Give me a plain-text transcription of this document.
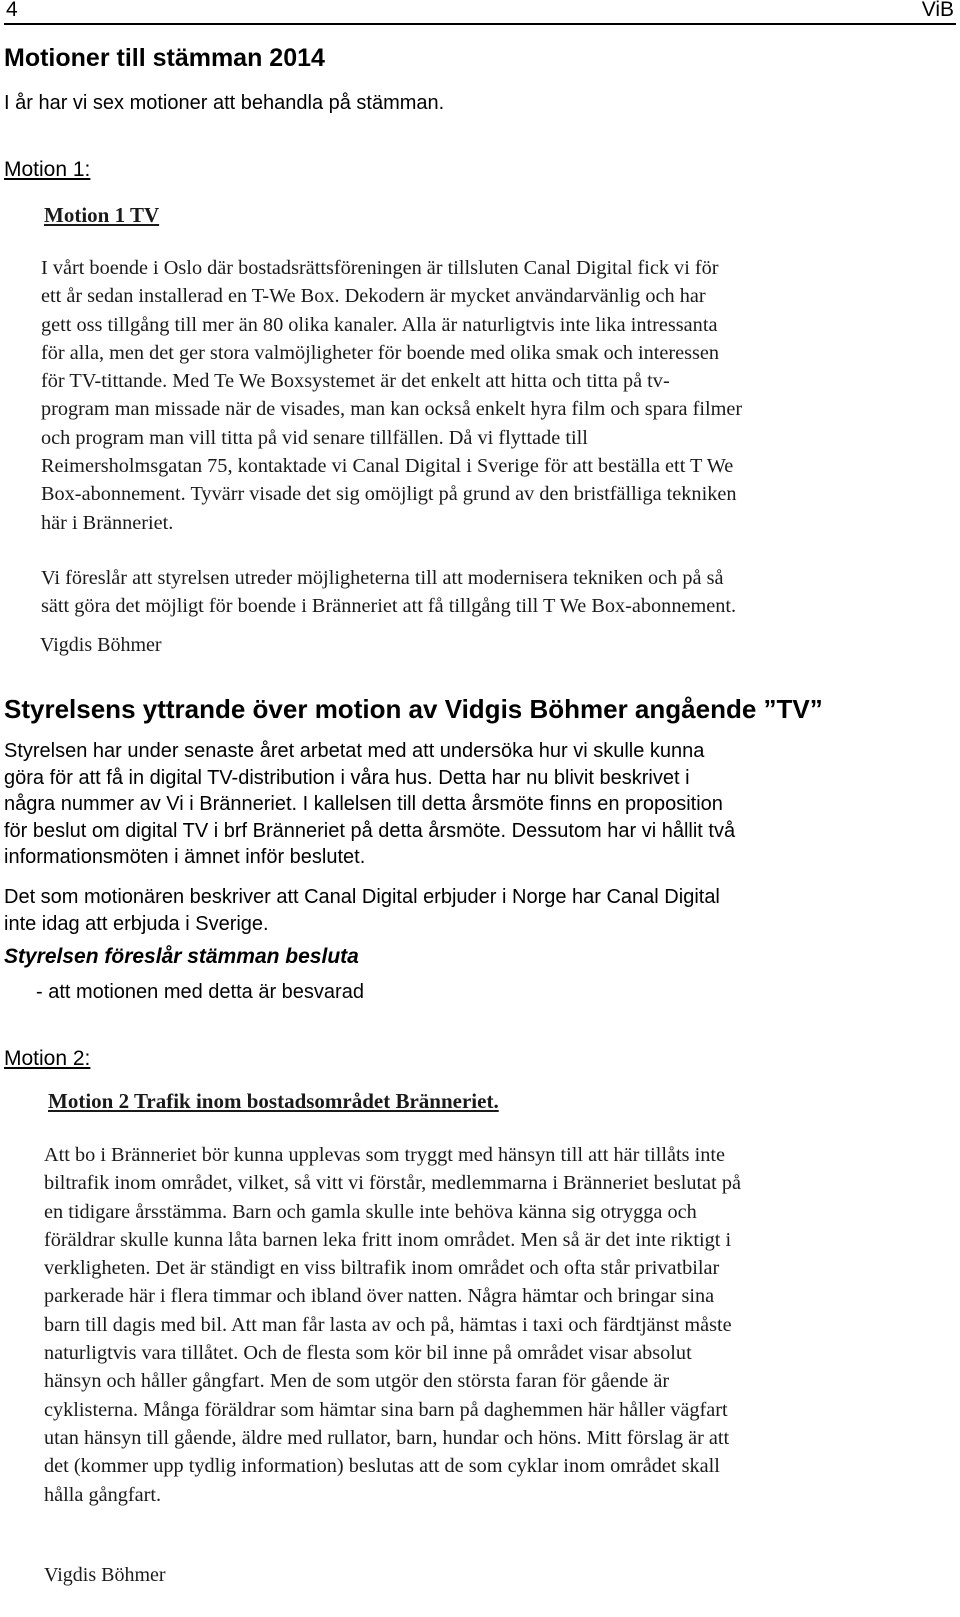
4	ViB
Motioner till stämman 2014

I år har vi sex motioner att behandla på stämman.

Motion 1:

Motion 1 TV
I vårt boende i Oslo där bostadsrättsföreningen är tillsluten Canal Digital fick vi för
ett år sedan installerad en T-We Box. Dekodern är mycket användarvänlig och har
gett oss tillgång till mer än 80 olika kanaler. Alla är naturligtvis inte lika intressanta
för alla, men det ger stora valmöjligheter för boende med olika smak och interessen
för TV-tittande. Med Te We Boxsystemet är det enkelt att hitta och titta på tv-
program man missade när de visades, man kan också enkelt hyra film och spara filmer
och program man vill titta på vid senare tillfällen. Då vi flyttade till
Reimersholmsgatan 75, kontaktade vi Canal Digital i Sverige för att beställa ett T We
Box-abonnement. Tyvärr visade det sig omöjligt på grund av den bristfälliga tekniken
här i Bränneriet.
Vi föreslår att styrelsen utreder möjligheterna till att modernisera tekniken och på så
sätt göra det möjligt för boende i Bränneriet att få tillgång till T We Box-abonnement.
Vigdis Böhmer
Styrelsens yttrande över motion av Vidgis Böhmer angående ”TV”
Styrelsen har under senaste året arbetat med att undersöka hur vi skulle kunna
göra för att få in digital TV-distribution i våra hus. Detta har nu blivit beskrivet i
några nummer av Vi i Bränneriet. I kallelsen till detta årsmöte finns en proposition
för beslut om digital TV i brf Bränneriet på detta årsmöte. Dessutom har vi hållit två
informationsmöten i ämnet inför beslutet.
Det som motionären beskriver att Canal Digital erbjuder i Norge har Canal Digital
inte idag att erbjuda i Sverige.

Styrelsen föreslår stämman besluta

- att motionen med detta är besvarad

Motion 2:

Motion 2 Trafik inom bostadsområdet Bränneriet.
Att bo i Bränneriet bör kunna upplevas som tryggt med hänsyn till att här tillåts inte
biltrafik inom området, vilket, så vitt vi förstår, medlemmarna i Bränneriet beslutat på
en tidigare årsstämma. Barn och gamla skulle inte behöva känna sig otrygga och
föräldrar skulle kunna låta barnen leka fritt inom området. Men så är det inte riktigt i
verkligheten. Det är ständigt en viss biltrafik inom området och ofta står privatbilar
parkerade här i flera timmar och ibland över natten. Några hämtar och bringar sina
barn till dagis med bil. Att man får lasta av och på, hämtas i taxi och färdtjänst måste
naturligtvis vara tillåtet. Och de flesta som kör bil inne på området visar absolut
hänsyn och håller gångfart. Men de som utgör den största faran för gående är
cyklisterna. Många föräldrar som hämtar sina barn på daghemmen här håller vägfart
utan hänsyn till gående, äldre med rullator, barn, hundar och höns. Mitt förslag är att
det (kommer upp tydlig information) beslutas att de som cyklar inom området skall
hålla gångfart.
Vigdis Böhmer
